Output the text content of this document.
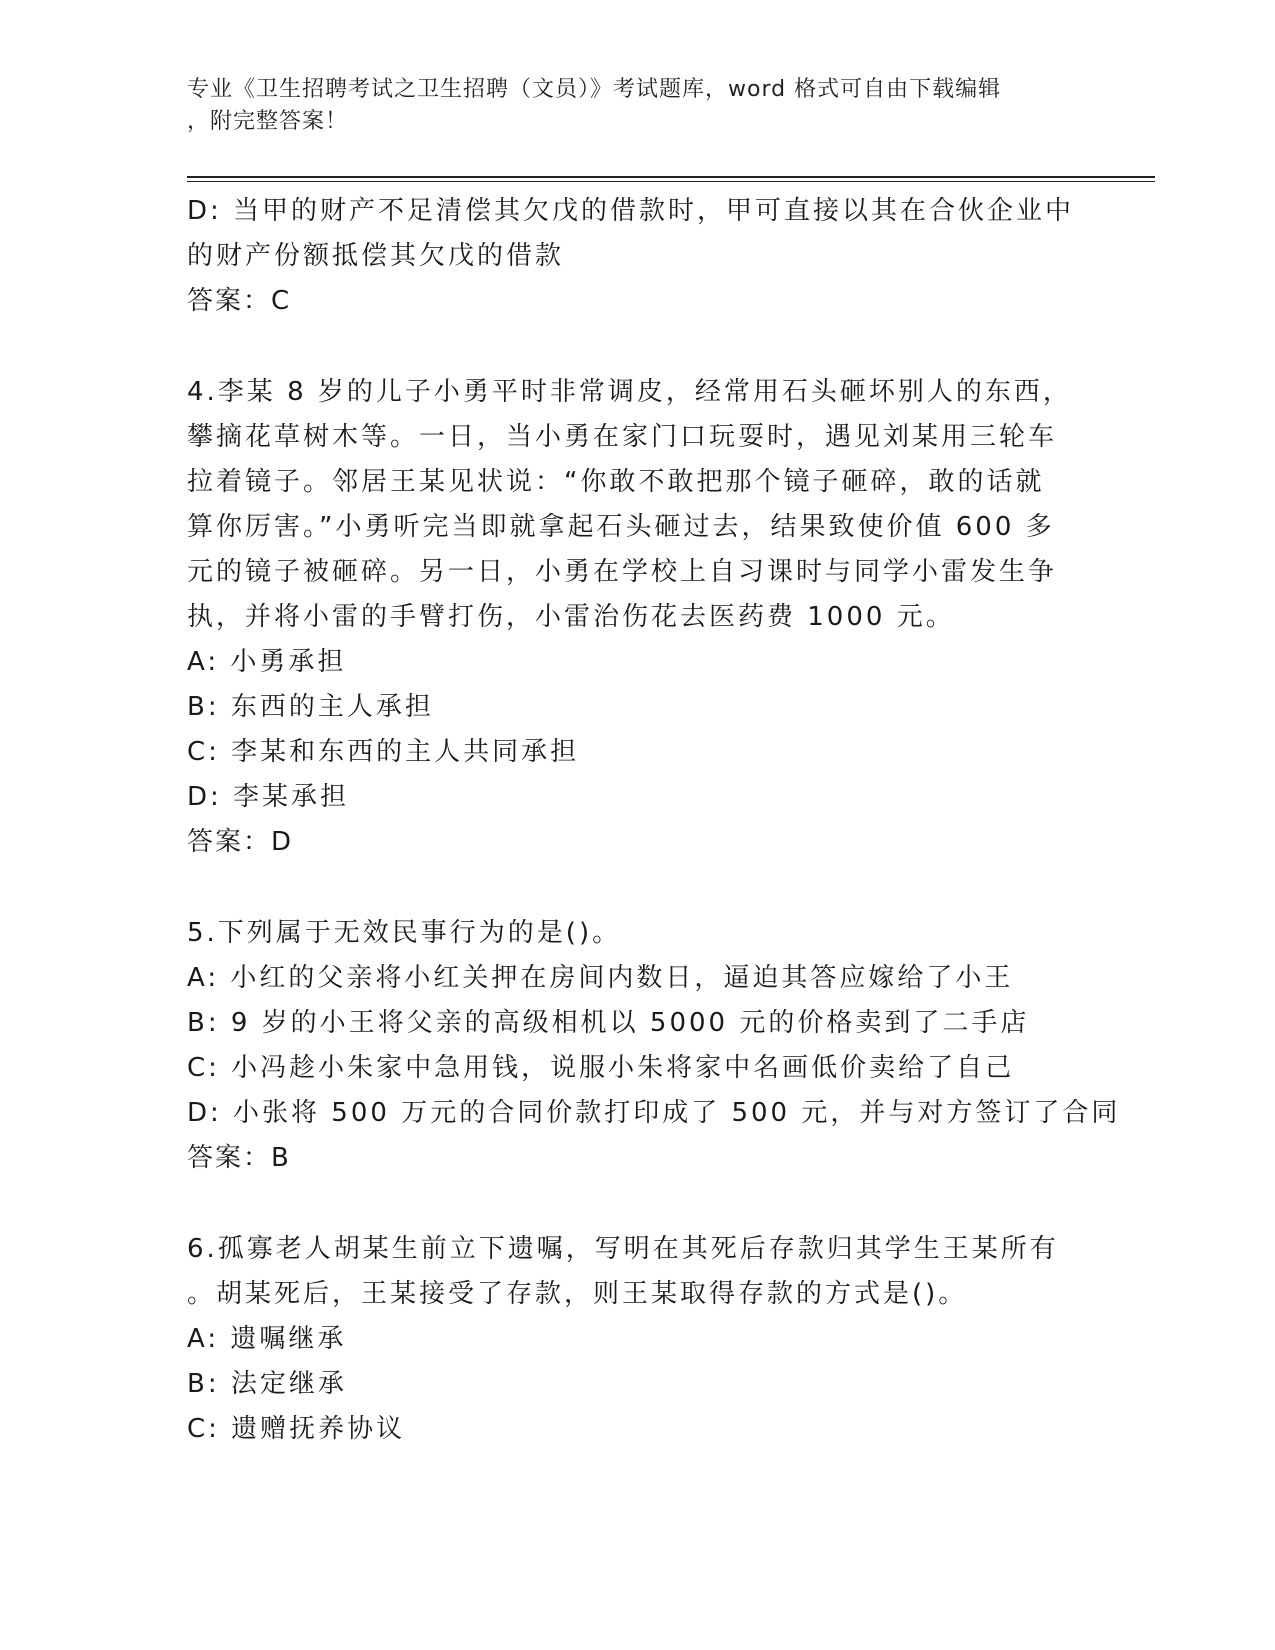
专业《卫生招聘考试之卫生招聘（文员）》考试题库，word 格式可自由下载编辑
，附完整答案！
D: 当甲的财产不足清偿其欠戊的借款时，甲可直接以其在合伙企业中
的财产份额抵偿其欠戊的借款
答案：C
4.李某 8 岁的儿子小勇平时非常调皮，经常用石头砸坏别人的东西，
攀摘花草树木等。一日，当小勇在家门口玩耍时，遇见刘某用三轮车
拉着镜子。邻居王某见状说：“你敢不敢把那个镜子砸碎，敢的话就
算你厉害。”小勇听完当即就拿起石头砸过去，结果致使价值 600 多
元的镜子被砸碎。另一日，小勇在学校上自习课时与同学小雷发生争
执，并将小雷的手臂打伤，小雷治伤花去医药费 1000 元。
A: 小勇承担
B: 东西的主人承担
C: 李某和东西的主人共同承担
D: 李某承担
答案：D
5.下列属于无效民事行为的是()。
A: 小红的父亲将小红关押在房间内数日，逼迫其答应嫁给了小王
B: 9 岁的小王将父亲的高级相机以 5000 元的价格卖到了二手店
C: 小冯趁小朱家中急用钱，说服小朱将家中名画低价卖给了自己
D: 小张将 500 万元的合同价款打印成了 500 元，并与对方签订了合同
答案：B
6.孤寡老人胡某生前立下遗嘱，写明在其死后存款归其学生王某所有
。胡某死后，王某接受了存款，则王某取得存款的方式是()。
A: 遗嘱继承
B: 法定继承
C: 遗赠抚养协议
